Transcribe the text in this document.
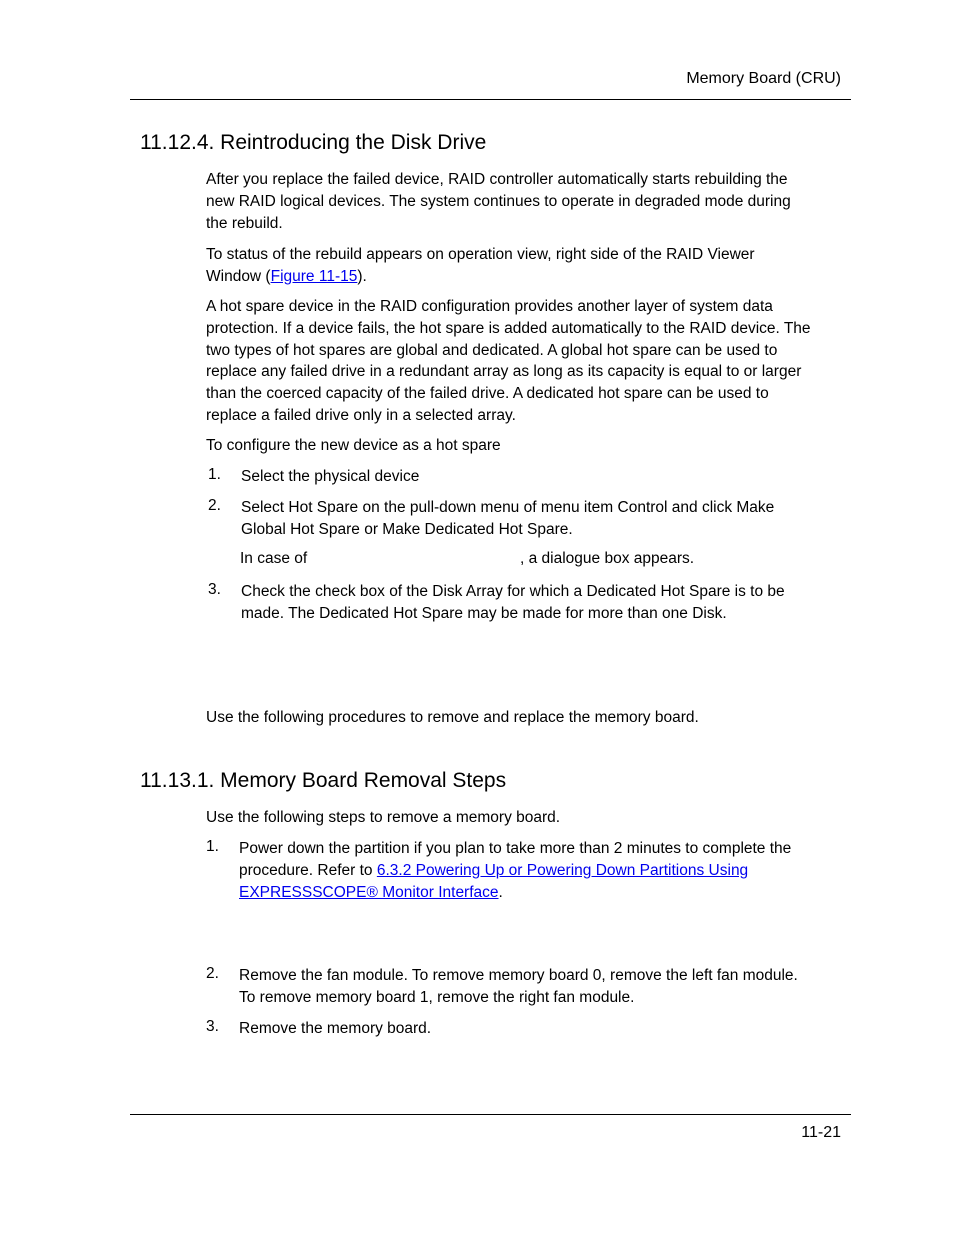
Memory Board (CRU)
11.12.4. Reintroducing the Disk Drive
After you replace the failed device, RAID controller automatically starts rebuilding the
new RAID logical devices. The system continues to operate in degraded mode during
the rebuild.
To status of the rebuild appears on operation view, right side of the RAID Viewer
Window (Figure 11-15).
A hot spare device in the RAID configuration provides another layer of system data
protection. If a device fails, the hot spare is added automatically to the RAID device. The
two types of hot spares are global and dedicated. A global hot spare can be used to
replace any failed drive in a redundant array as long as its capacity is equal to or larger
than the coerced capacity of the failed drive. A dedicated hot spare can be used to
replace a failed drive only in a selected array.
To configure the new device as a hot spare
1. Select the physical device
2. Select Hot Spare on the pull-down menu of menu item Control and click Make
Global Hot Spare or Make Dedicated Hot Spare.
In case of	, a dialogue box appears.
3. Check the check box of the Disk Array for which a Dedicated Hot Spare is to be
made. The Dedicated Hot Spare may be made for more than one Disk.
Use the following procedures to remove and replace the memory board.
11.13.1. Memory Board Removal Steps
Use the following steps to remove a memory board.
1. Power down the partition if you plan to take more than 2 minutes to complete the
procedure. Refer to 6.3.2 Powering Up or Powering Down Partitions Using
EXPRESSSCOPE® Monitor Interface.
2. Remove the fan module. To remove memory board 0, remove the left fan module.
To remove memory board 1, remove the right fan module.
3. Remove the memory board.
11-21
